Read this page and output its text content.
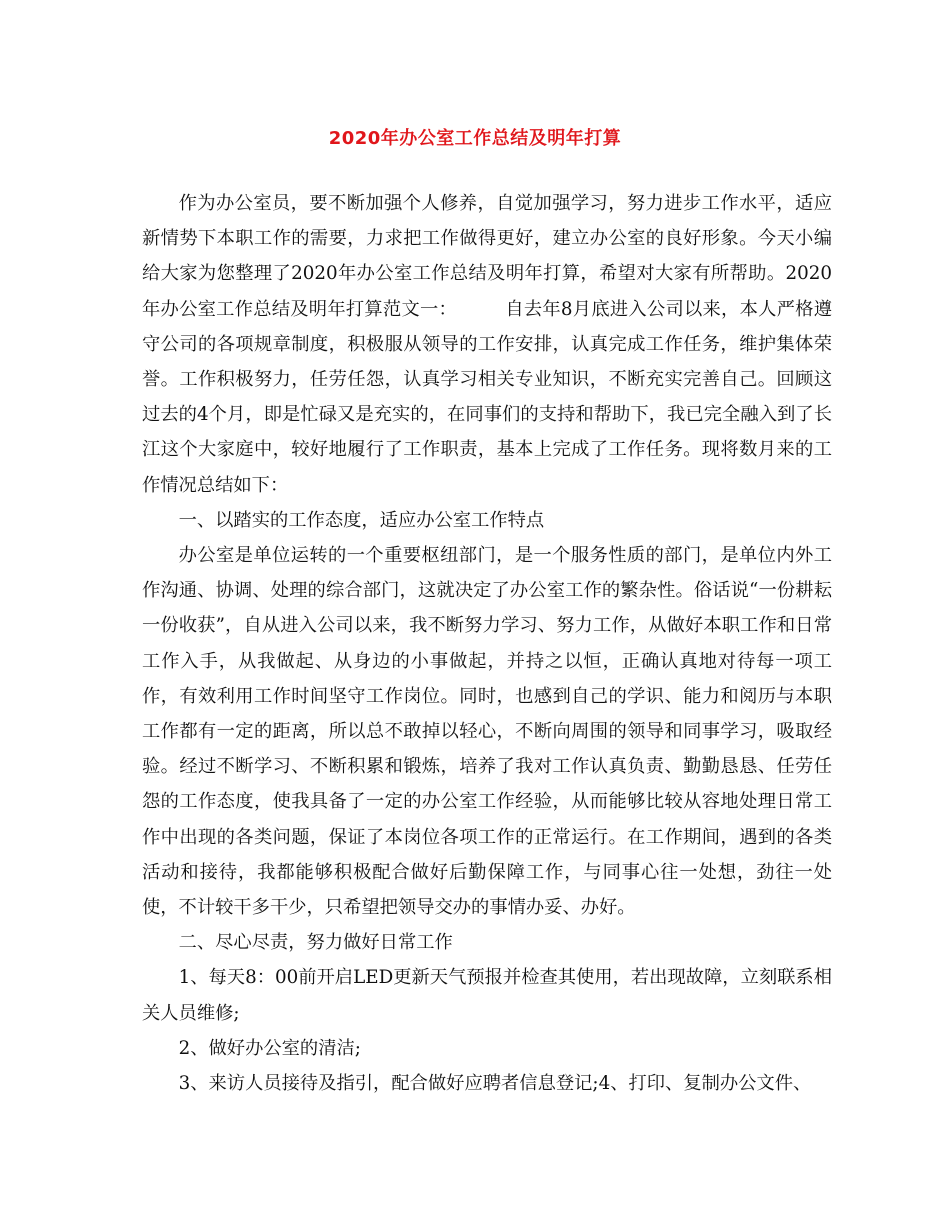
2020年办公室工作总结及明年打算

作为办公室员，要不断加强个人修养，自觉加强学习，努力进步工作水平，适应新情势下本职工作的需要，力求把工作做得更好，建立办公室的良好形象。今天小编给大家为您整理了2020年办公室工作总结及明年打算，希望对大家有所帮助。2020年办公室工作总结及明年打算范文一：	自去年8月底进入公司以来，本人严格遵守公司的各项规章制度，积极服从领导的工作安排，认真完成工作任务，维护集体荣誉。工作积极努力，任劳任怨，认真学习相关专业知识，不断充实完善自己。回顾这过去的4个月，即是忙碌又是充实的，在同事们的支持和帮助下，我已完全融入到了长江这个大家庭中，较好地履行了工作职责，基本上完成了工作任务。现将数月来的工作情况总结如下：

一、以踏实的工作态度，适应办公室工作特点

办公室是单位运转的一个重要枢纽部门，是一个服务性质的部门，是单位内外工作沟通、协调、处理的综合部门，这就决定了办公室工作的繁杂性。俗话说“一份耕耘一份收获”，自从进入公司以来，我不断努力学习、努力工作，从做好本职工作和日常工作入手，从我做起、从身边的小事做起，并持之以恒，正确认真地对待每一项工作，有效利用工作时间坚守工作岗位。同时，也感到自己的学识、能力和阅历与本职工作都有一定的距离，所以总不敢掉以轻心，不断向周围的领导和同事学习，吸取经验。经过不断学习、不断积累和锻炼，培养了我对工作认真负责、勤勤恳恳、任劳任怨的工作态度，使我具备了一定的办公室工作经验，从而能够比较从容地处理日常工作中出现的各类问题，保证了本岗位各项工作的正常运行。在工作期间，遇到的各类活动和接待，我都能够积极配合做好后勤保障工作，与同事心往一处想，劲往一处使，不计较干多干少，只希望把领导交办的事情办妥、办好。

二、尽心尽责，努力做好日常工作

1、每天8：00前开启LED更新天气预报并检查其使用，若出现故障，立刻联系相关人员维修;

2、做好办公室的清洁;

3、来访人员接待及指引，配合做好应聘者信息登记;4、打印、复制办公文件、
